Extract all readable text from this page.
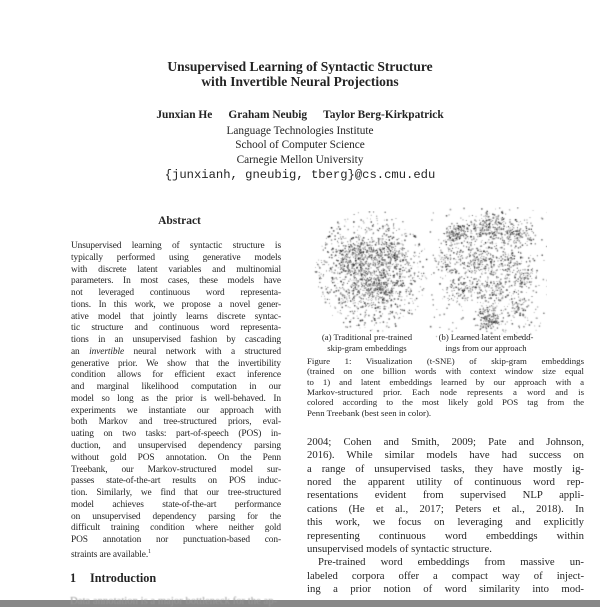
Unsupervised Learning of Syntactic Structure
with Invertible Neural Projections
Junxian He Graham Neubig Taylor Berg-Kirkpatrick
Language Technologies Institute
School of Computer Science
Carnegie Mellon University
{junxianh, gneubig, tberg}@cs.cmu.edu
Abstract
Unsupervised learning of syntactic structure is
typically performed using generative models
with discrete latent variables and multinomial
parameters. In most cases, these models have
not leveraged continuous word representa-
tions. In this work, we propose a novel gener-
ative model that jointly learns discrete syntac-
tic structure and continuous word representa-
tions in an unsupervised fashion by cascading
an invertible neural network with a structured
generative prior. We show that the invertibility
condition allows for efficient exact inference
and marginal likelihood computation in our
model so long as the prior is well-behaved. In
experiments we instantiate our approach with
both Markov and tree-structured priors, eval-
uating on two tasks: part-of-speech (POS) in-
duction, and unsupervised dependency parsing
without gold POS annotation. On the Penn
Treebank, our Markov-structured model sur-
passes state-of-the-art results on POS induc-
tion. Similarly, we find that our tree-structured
model achieves state-of-the-art performance
on unsupervised dependency parsing for the
difficult training condition where neither gold
POS annotation nor punctuation-based con-
straints are available.$^1$
(a) Traditional pre-trained
skip-gram embeddings
(b) Learned latent embedd-
ings from our approach
Figure 1: Visualization (t-SNE) of skip-gram embeddings
(trained on one billion words with context window size equal
to 1) and latent embeddings learned by our approach with a
Markov-structured prior. Each node represents a word and is
colored according to the most likely gold POS tag from the
Penn Treebank (best seen in color).
2004; Cohen and Smith, 2009; Pate and Johnson,
2016). While similar models have had success on
a range of unsupervised tasks, they have mostly ig-
nored the apparent utility of continuous word rep-
resentations evident from supervised NLP appli-
cations (He et al., 2017; Peters et al., 2018). In
this work, we focus on leveraging and explicitly
representing continuous word embeddings within
unsupervised models of syntactic structure.
Pre-trained word embeddings from massive un-
labeled corpora offer a compact way of inject-
ing a prior notion of word similarity into mod-
1 Introduction
Data annotation is a major bottleneck for the ap-
